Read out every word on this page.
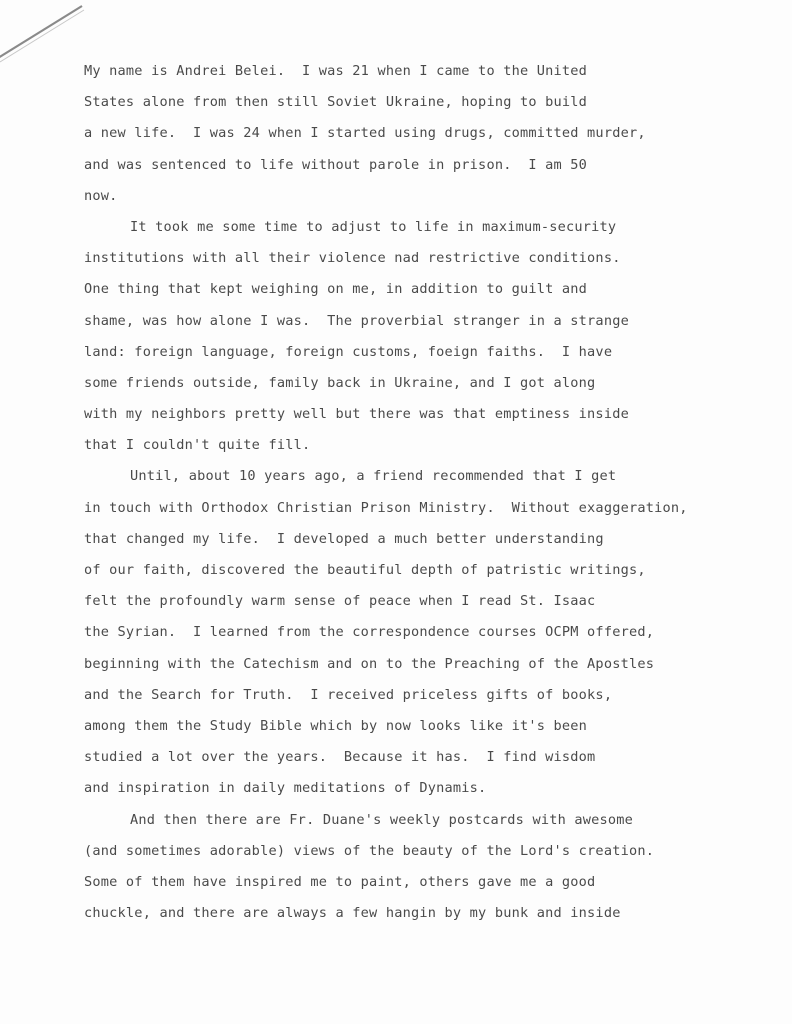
My name is Andrei Belei.  I was 21 when I came to the United
States alone from then still Soviet Ukraine, hoping to build
a new life.  I was 24 when I started using drugs, committed murder,
and was sentenced to life without parole in prison.  I am 50
now.
It took me some time to adjust to life in maximum-security
institutions with all their violence nad restrictive conditions.
One thing that kept weighing on me, in addition to guilt and
shame, was how alone I was.  The proverbial stranger in a strange
land: foreign language, foreign customs, foeign faiths.  I have
some friends outside, family back in Ukraine, and I got along
with my neighbors pretty well but there was that emptiness inside
that I couldn't quite fill.
Until, about 10 years ago, a friend recommended that I get
in touch with Orthodox Christian Prison Ministry.  Without exaggeration,
that changed my life.  I developed a much better understanding
of our faith, discovered the beautiful depth of patristic writings,
felt the profoundly warm sense of peace when I read St. Isaac
the Syrian.  I learned from the correspondence courses OCPM offered,
beginning with the Catechism and on to the Preaching of the Apostles
and the Search for Truth.  I received priceless gifts of books,
among them the Study Bible which by now looks like it's been
studied a lot over the years.  Because it has.  I find wisdom
and inspiration in daily meditations of Dynamis.
And then there are Fr. Duane's weekly postcards with awesome
(and sometimes adorable) views of the beauty of the Lord's creation.
Some of them have inspired me to paint, others gave me a good
chuckle, and there are always a few hangin by my bunk and inside
